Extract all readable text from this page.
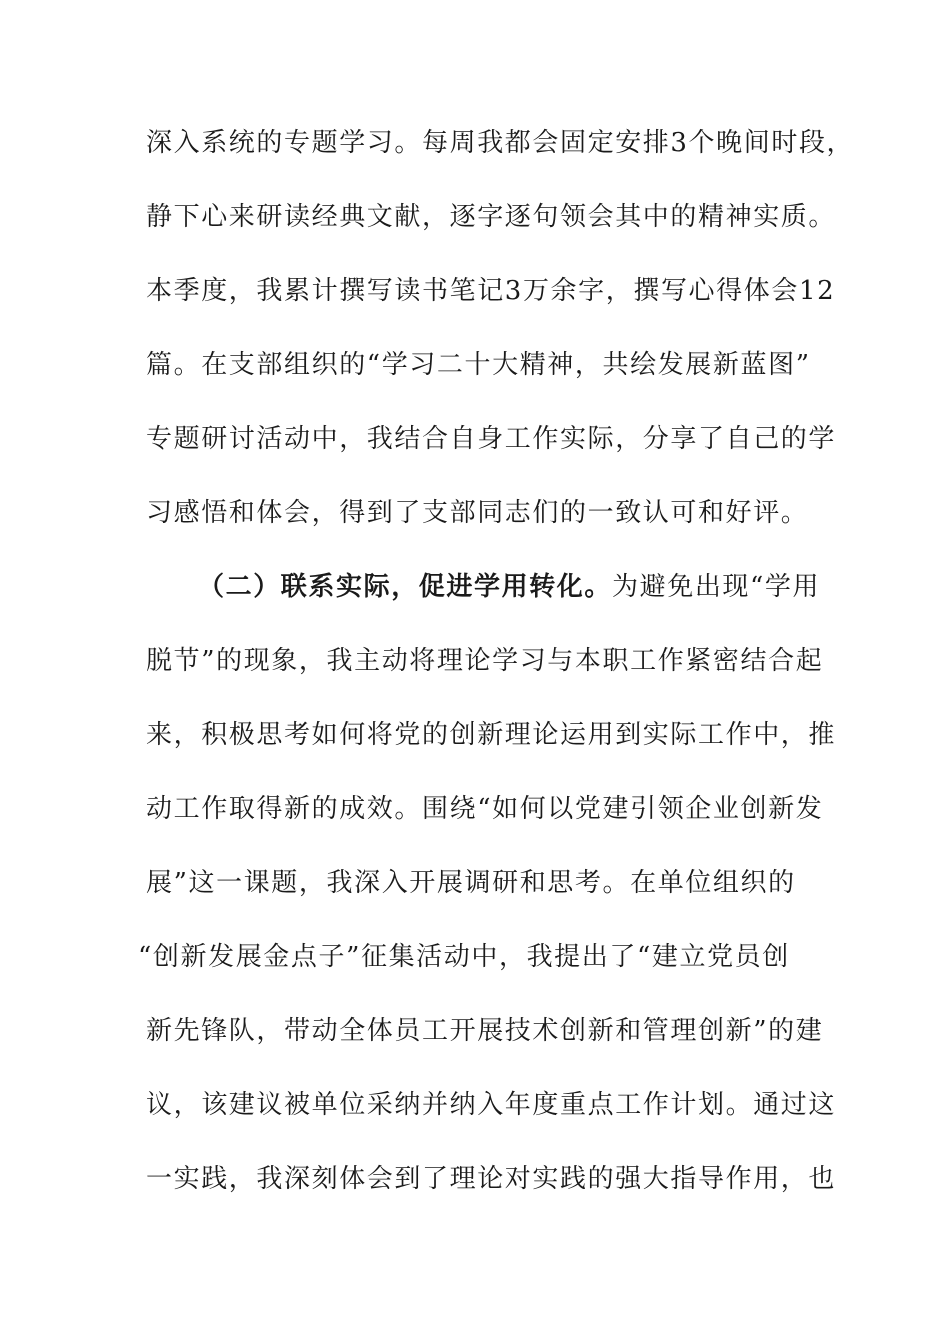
深入系统的专题学习。每周我都会固定安排3个晚间时段，
静下心来研读经典文献，逐字逐句领会其中的精神实质。
本季度，我累计撰写读书笔记3万余字，撰写心得体会12
篇。在支部组织的“学习二十大精神，共绘发展新蓝图”
专题研讨活动中，我结合自身工作实际，分享了自己的学
习感悟和体会，得到了支部同志们的一致认可和好评。
（二）联系实际，促进学用转化。为避免出现“学用
脱节”的现象，我主动将理论学习与本职工作紧密结合起
来，积极思考如何将党的创新理论运用到实际工作中，推
动工作取得新的成效。围绕“如何以党建引领企业创新发
展”这一课题，我深入开展调研和思考。在单位组织的
“创新发展金点子”征集活动中，我提出了“建立党员创
新先锋队，带动全体员工开展技术创新和管理创新”的建
议，该建议被单位采纳并纳入年度重点工作计划。通过这
一实践，我深刻体会到了理论对实践的强大指导作用，也
